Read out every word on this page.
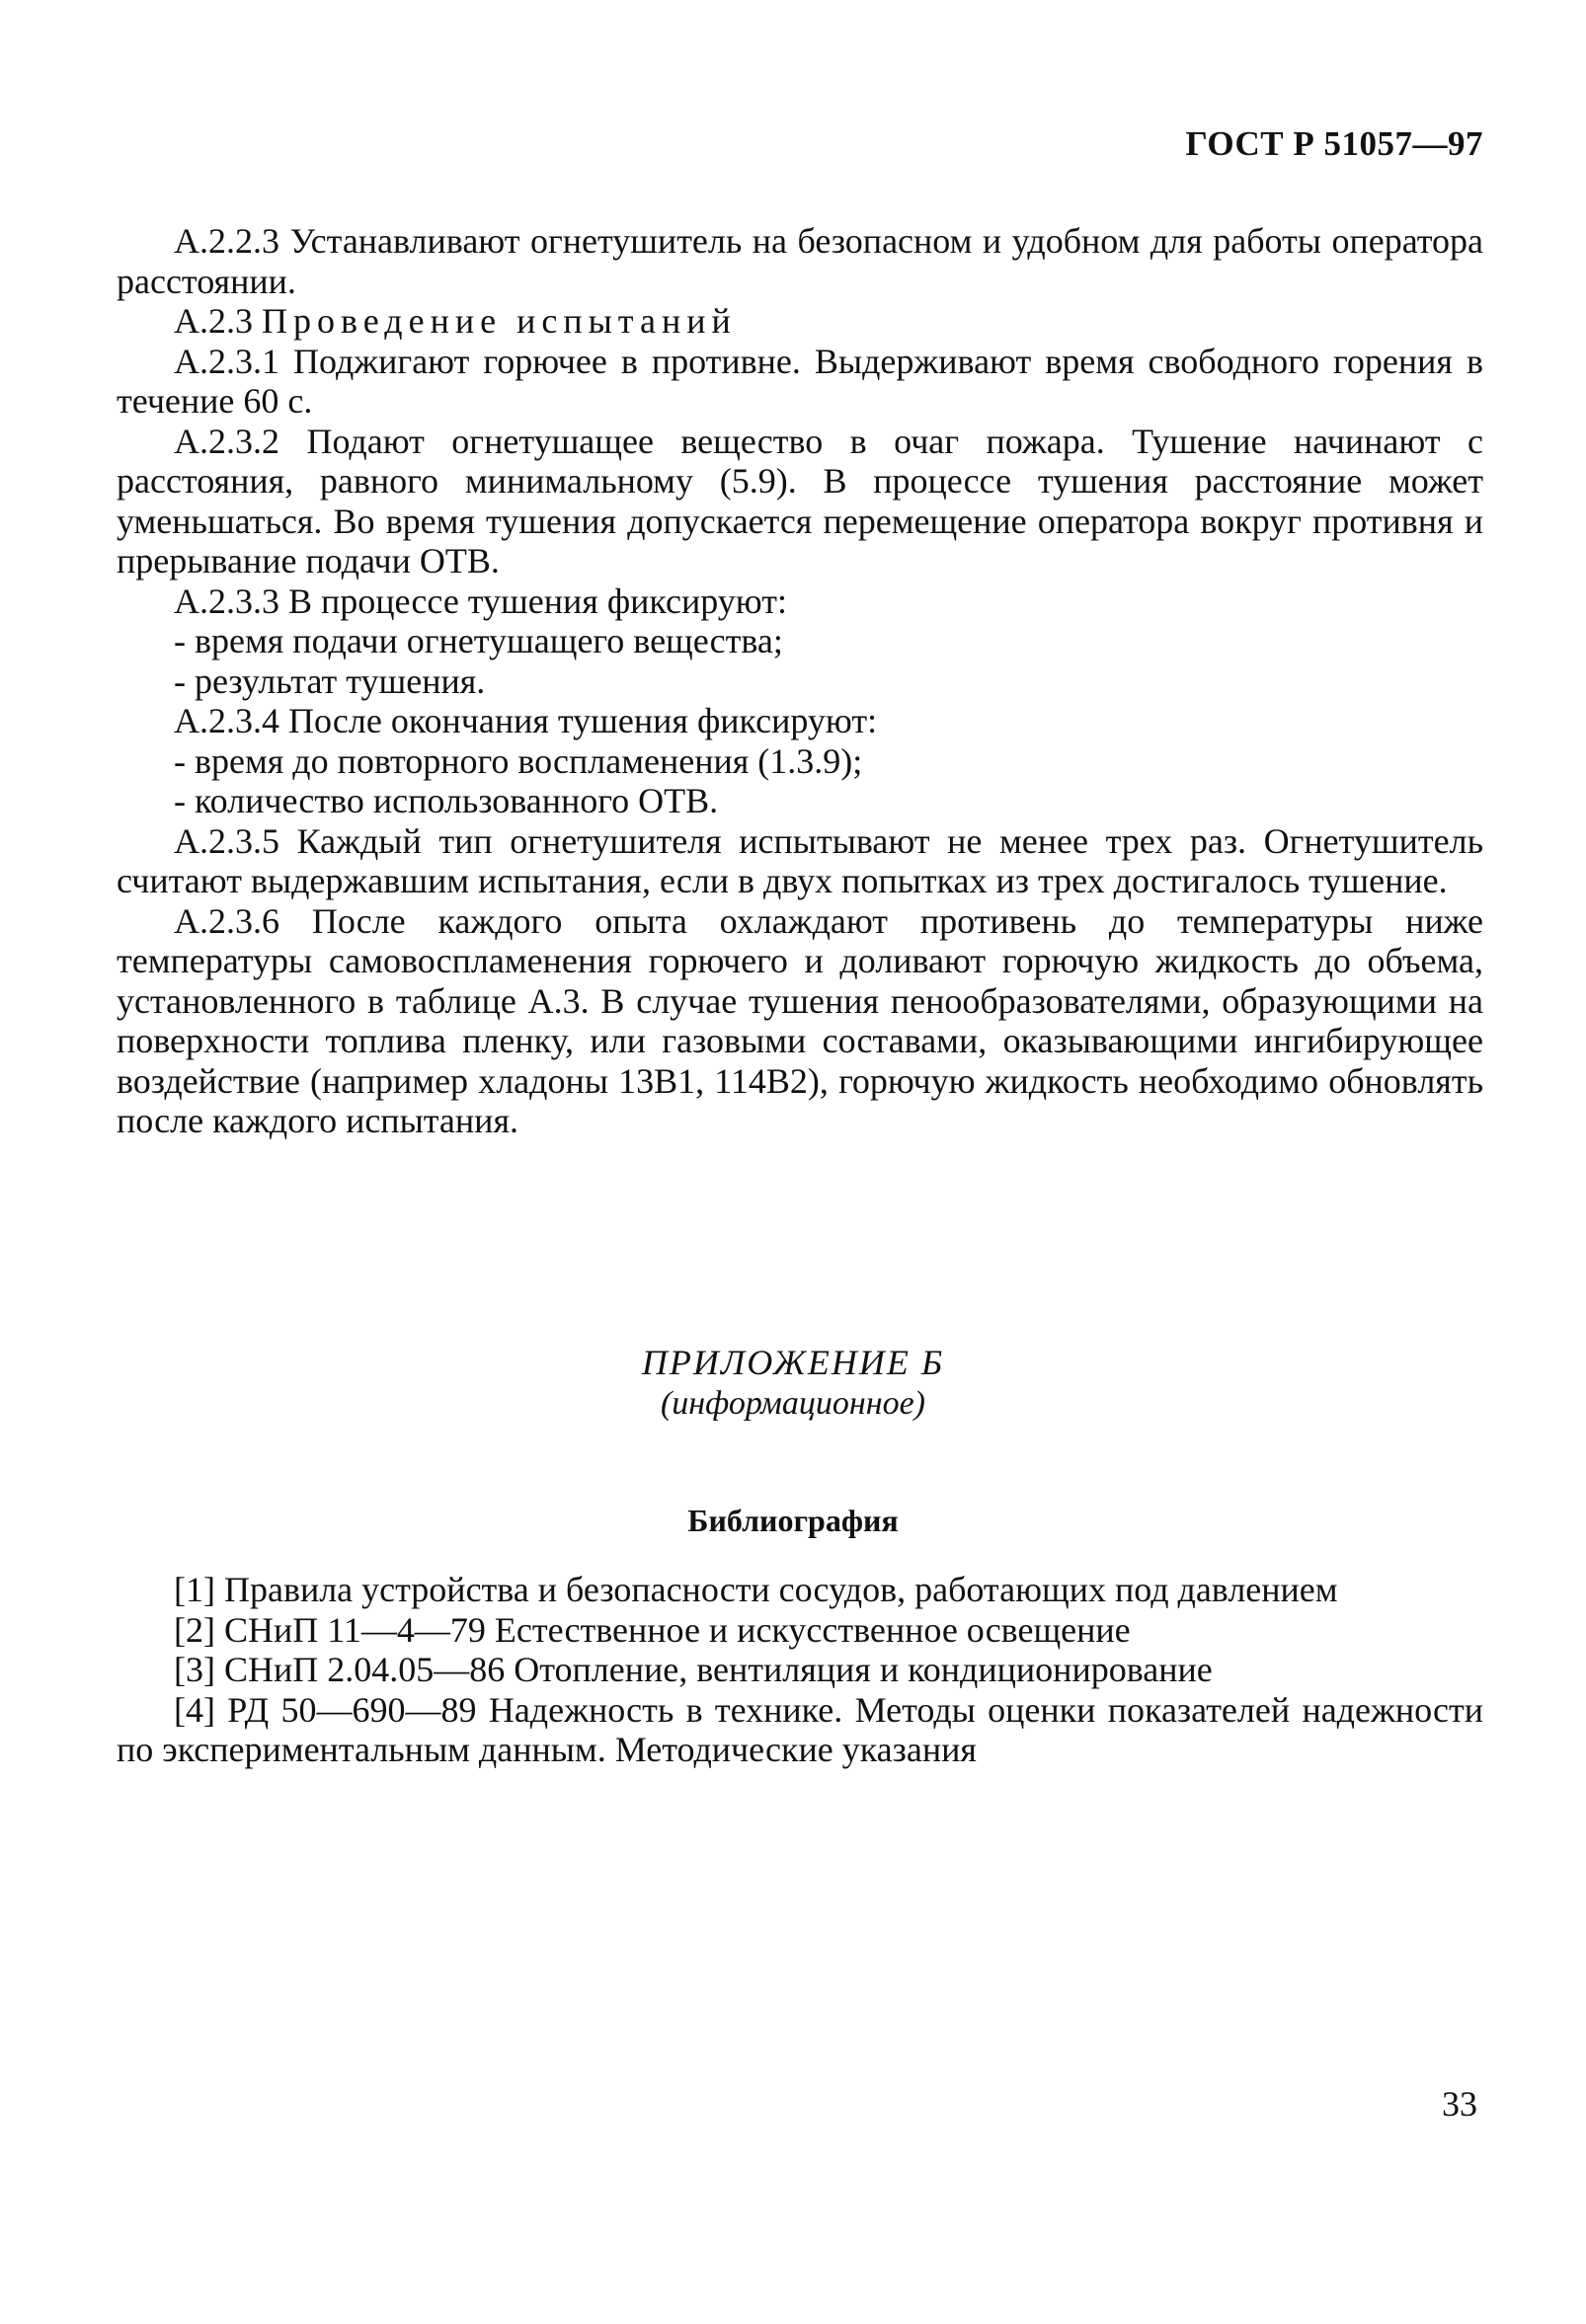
ГОСТ Р 51057—97

А.2.2.3 Устанавливают огнетушитель на безопасном и удобном для работы оператора расстоянии.

А.2.3 Проведение испытаний

А.2.3.1 Поджигают горючее в противне. Выдерживают время свободного горения в течение 60 с.

А.2.3.2 Подают огнетушащее вещество в очаг пожара. Тушение начинают с расстояния, равного минимальному (5.9). В процессе тушения расстояние может уменьшаться. Во время тушения допускается перемещение оператора вокруг противня и прерывание подачи ОТВ.

А.2.3.3 В процессе тушения фиксируют:

- время подачи огнетушащего вещества;

- результат тушения.

А.2.3.4 После окончания тушения фиксируют:

- время до повторного воспламенения (1.3.9);

- количество использованного ОТВ.

А.2.3.5 Каждый тип огнетушителя испытывают не менее трех раз. Огнетушитель считают выдержавшим испытания, если в двух попытках из трех достигалось тушение.

А.2.3.6 После каждого опыта охлаждают противень до температуры ниже температуры самовоспламенения горючего и доливают горючую жидкость до объема, установленного в таблице А.3. В случае тушения пенообразователями, образующими на поверхности топлива пленку, или газовыми составами, оказывающими ингибирующее воздействие (например хладоны 13В1, 114В2), горючую жидкость необходимо обновлять после каждого испытания.

ПРИЛОЖЕНИЕ Б
(информационное)
Библиография

[1] Правила устройства и безопасности сосудов, работающих под давлением

[2] СНиП 11—4—79 Естественное и искусственное освещение

[3] СНиП 2.04.05—86 Отопление, вентиляция и кондиционирование

[4] РД 50—690—89 Надежность в технике. Методы оценки показателей надежности по экспериментальным данным. Методические указания

33
